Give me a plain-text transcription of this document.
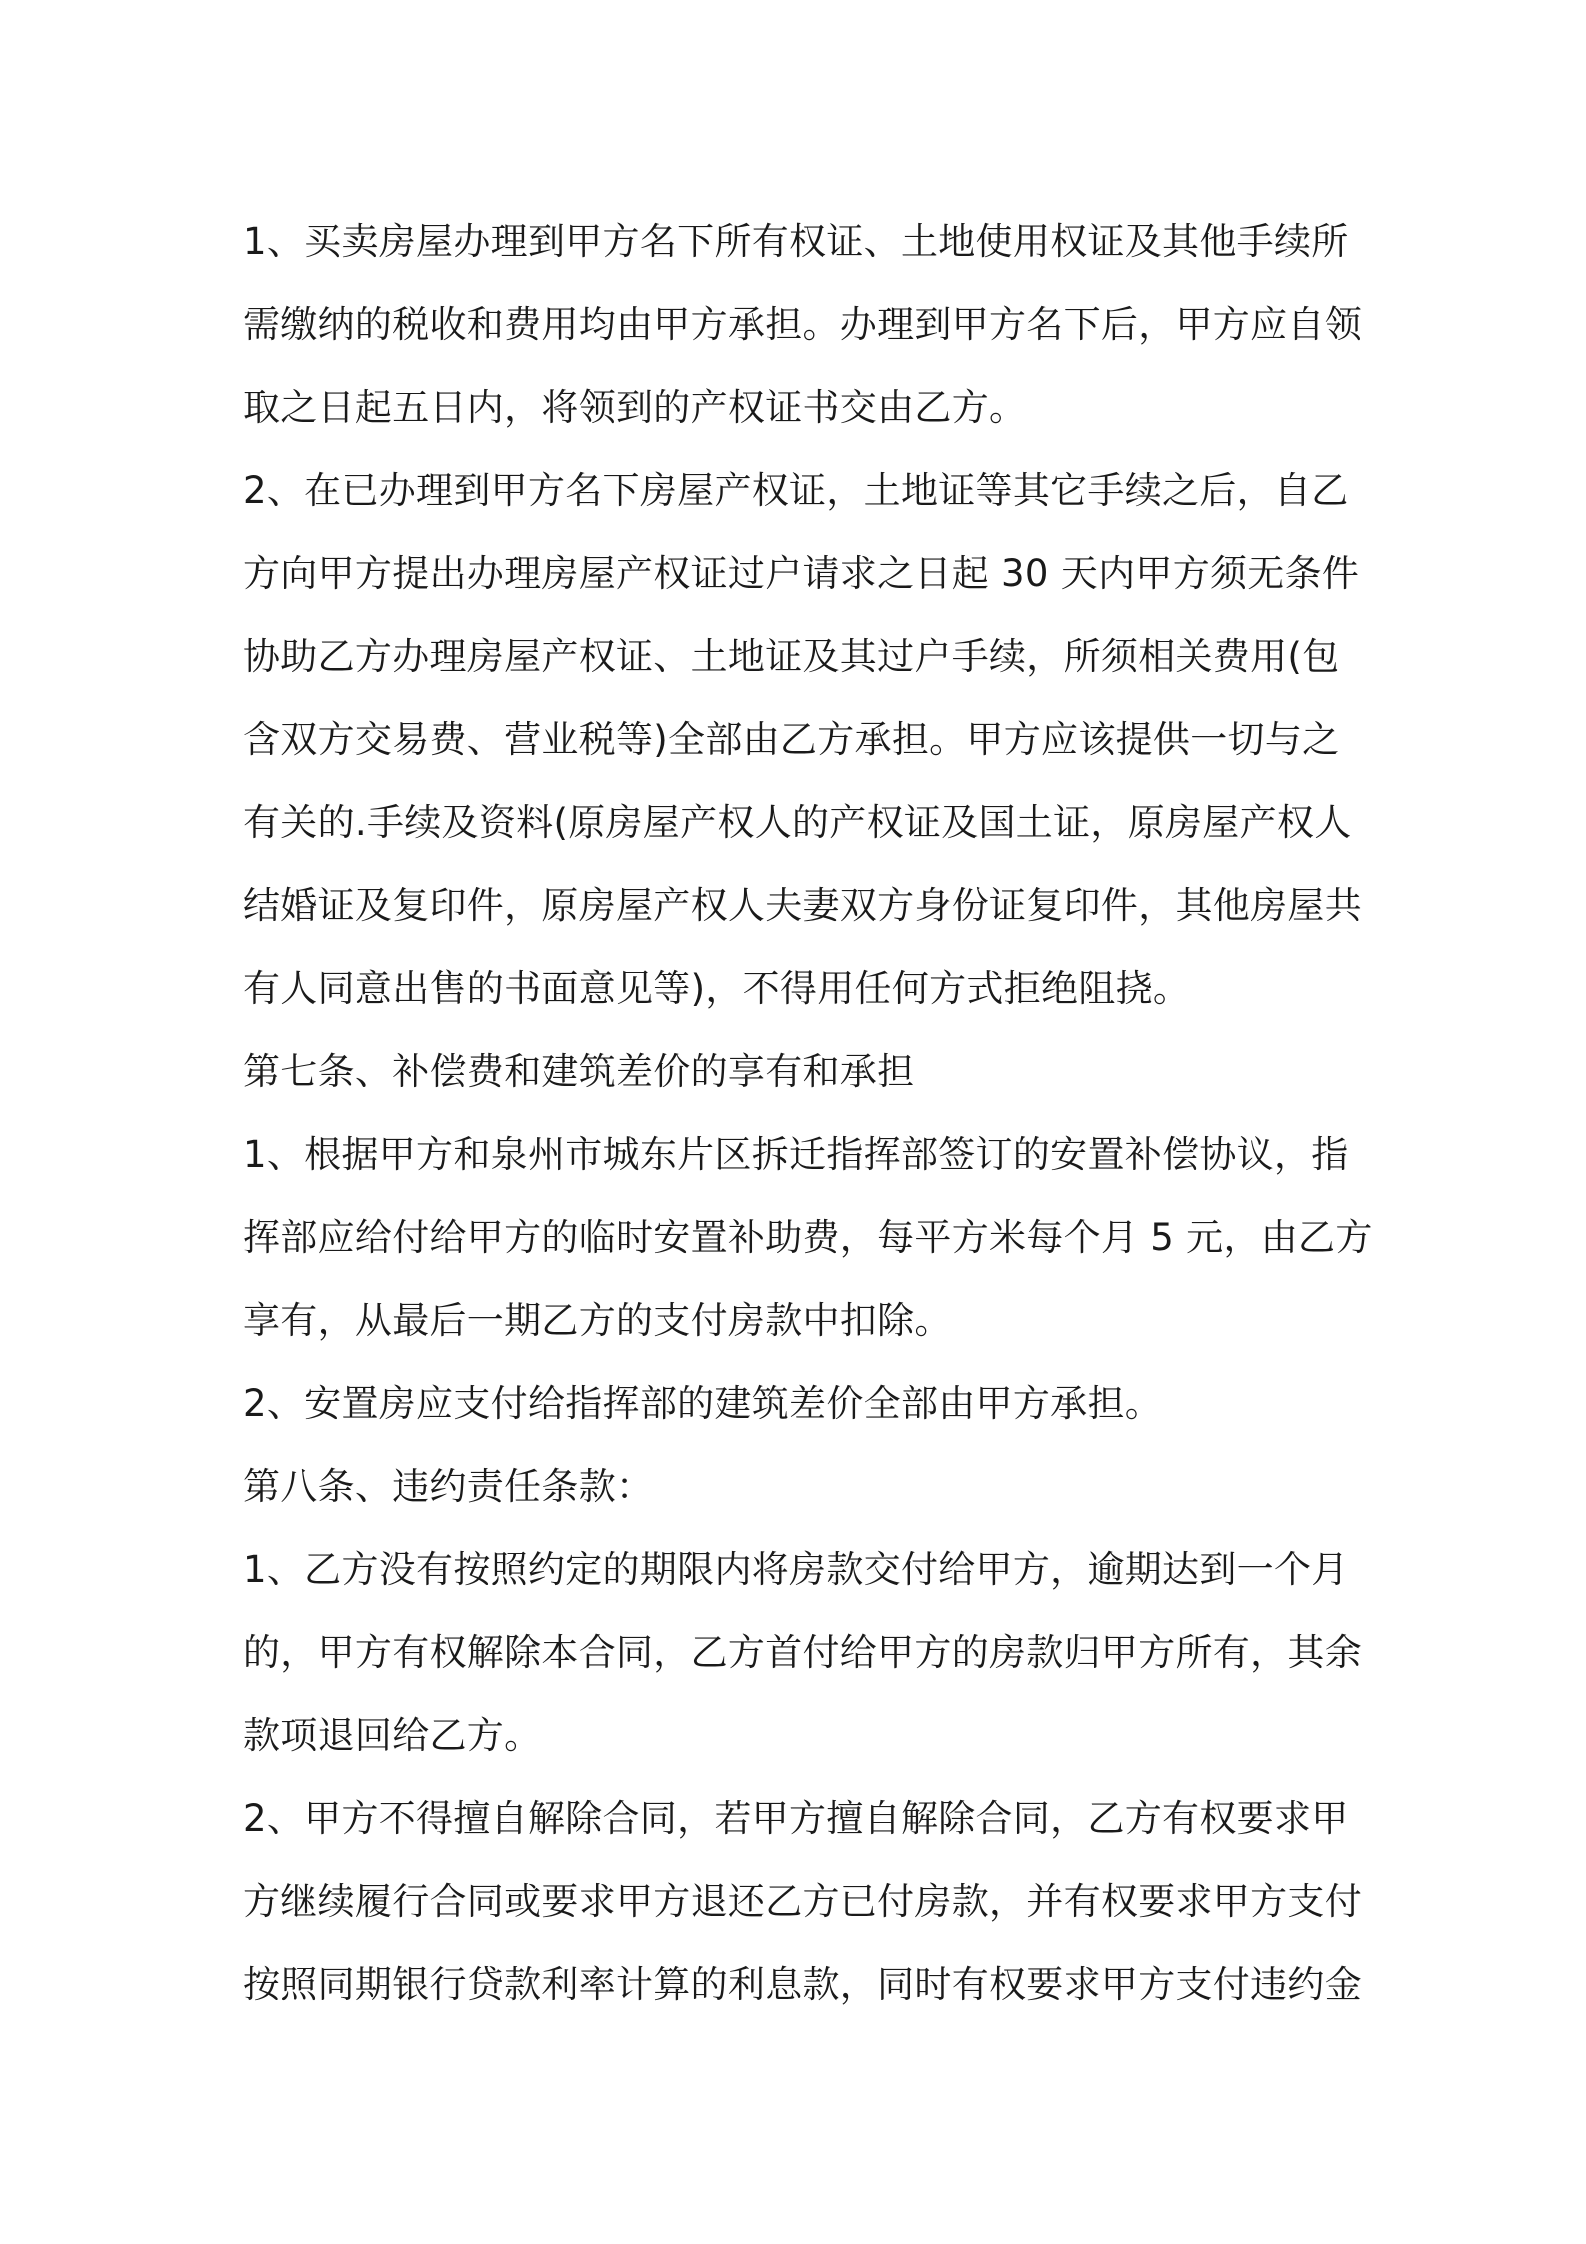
1、买卖房屋办理到甲方名下所有权证、土地使用权证及其他手续所
需缴纳的税收和费用均由甲方承担。办理到甲方名下后，甲方应自领
取之日起五日内，将领到的产权证书交由乙方。
2、在已办理到甲方名下房屋产权证，土地证等其它手续之后，自乙
方向甲方提出办理房屋产权证过户请求之日起 30 天内甲方须无条件
协助乙方办理房屋产权证、土地证及其过户手续，所须相关费用(包
含双方交易费、营业税等)全部由乙方承担。甲方应该提供一切与之
有关的.手续及资料(原房屋产权人的产权证及国土证，原房屋产权人
结婚证及复印件，原房屋产权人夫妻双方身份证复印件，其他房屋共
有人同意出售的书面意见等)，不得用任何方式拒绝阻挠。
第七条、补偿费和建筑差价的享有和承担
1、根据甲方和泉州市城东片区拆迁指挥部签订的安置补偿协议，指
挥部应给付给甲方的临时安置补助费，每平方米每个月 5 元，由乙方
享有，从最后一期乙方的支付房款中扣除。
2、安置房应支付给指挥部的建筑差价全部由甲方承担。
第八条、违约责任条款：
1、乙方没有按照约定的期限内将房款交付给甲方，逾期达到一个月
的，甲方有权解除本合同，乙方首付给甲方的房款归甲方所有，其余
款项退回给乙方。
2、甲方不得擅自解除合同，若甲方擅自解除合同，乙方有权要求甲
方继续履行合同或要求甲方退还乙方已付房款，并有权要求甲方支付
按照同期银行贷款利率计算的利息款，同时有权要求甲方支付违约金
